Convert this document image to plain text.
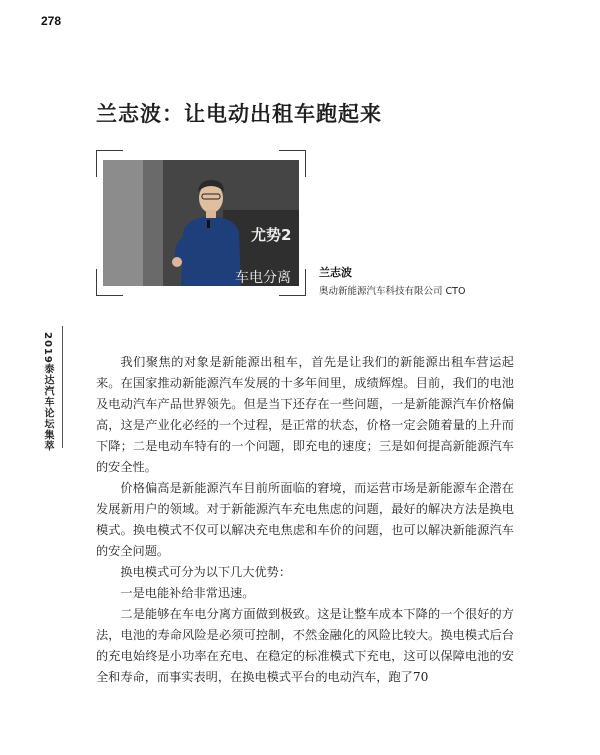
278
兰志波：让电动出租车跑起来
尤势2
车电分离	兰志波
奥动新能源汽车科技有限公司 CTO
2019泰达汽车论坛集萃	我们聚焦的对象是新能源出租车，首先是让我们的新能源出租车营运起来。在国家推动新能源汽车发展的十多年间里，成绩辉煌。目前，我们的电池及电动汽车产品世界领先。但是当下还存在一些问题，一是新能源汽车价格偏高，这是产业化必经的一个过程，是正常的状态，价格一定会随着量的上升而下降；二是电动车特有的一个问题，即充电的速度；三是如何提高新能源汽车的安全性。

价格偏高是新能源汽车目前所面临的窘境，而运营市场是新能源车企潜在发展新用户的领域。对于新能源汽车充电焦虑的问题，最好的解决方法是换电模式。换电模式不仅可以解决充电焦虑和车价的问题，也可以解决新能源汽车的安全问题。

换电模式可分为以下几大优势：

一是电能补给非常迅速。

二是能够在车电分离方面做到极致。这是让整车成本下降的一个很好的方法，电池的寿命风险是必须可控制，不然金融化的风险比较大。换电模式后台的充电始终是小功率在充电、在稳定的标准模式下充电，这可以保障电池的安全和寿命，而事实表明，在换电模式平台的电动汽车，跑了70
